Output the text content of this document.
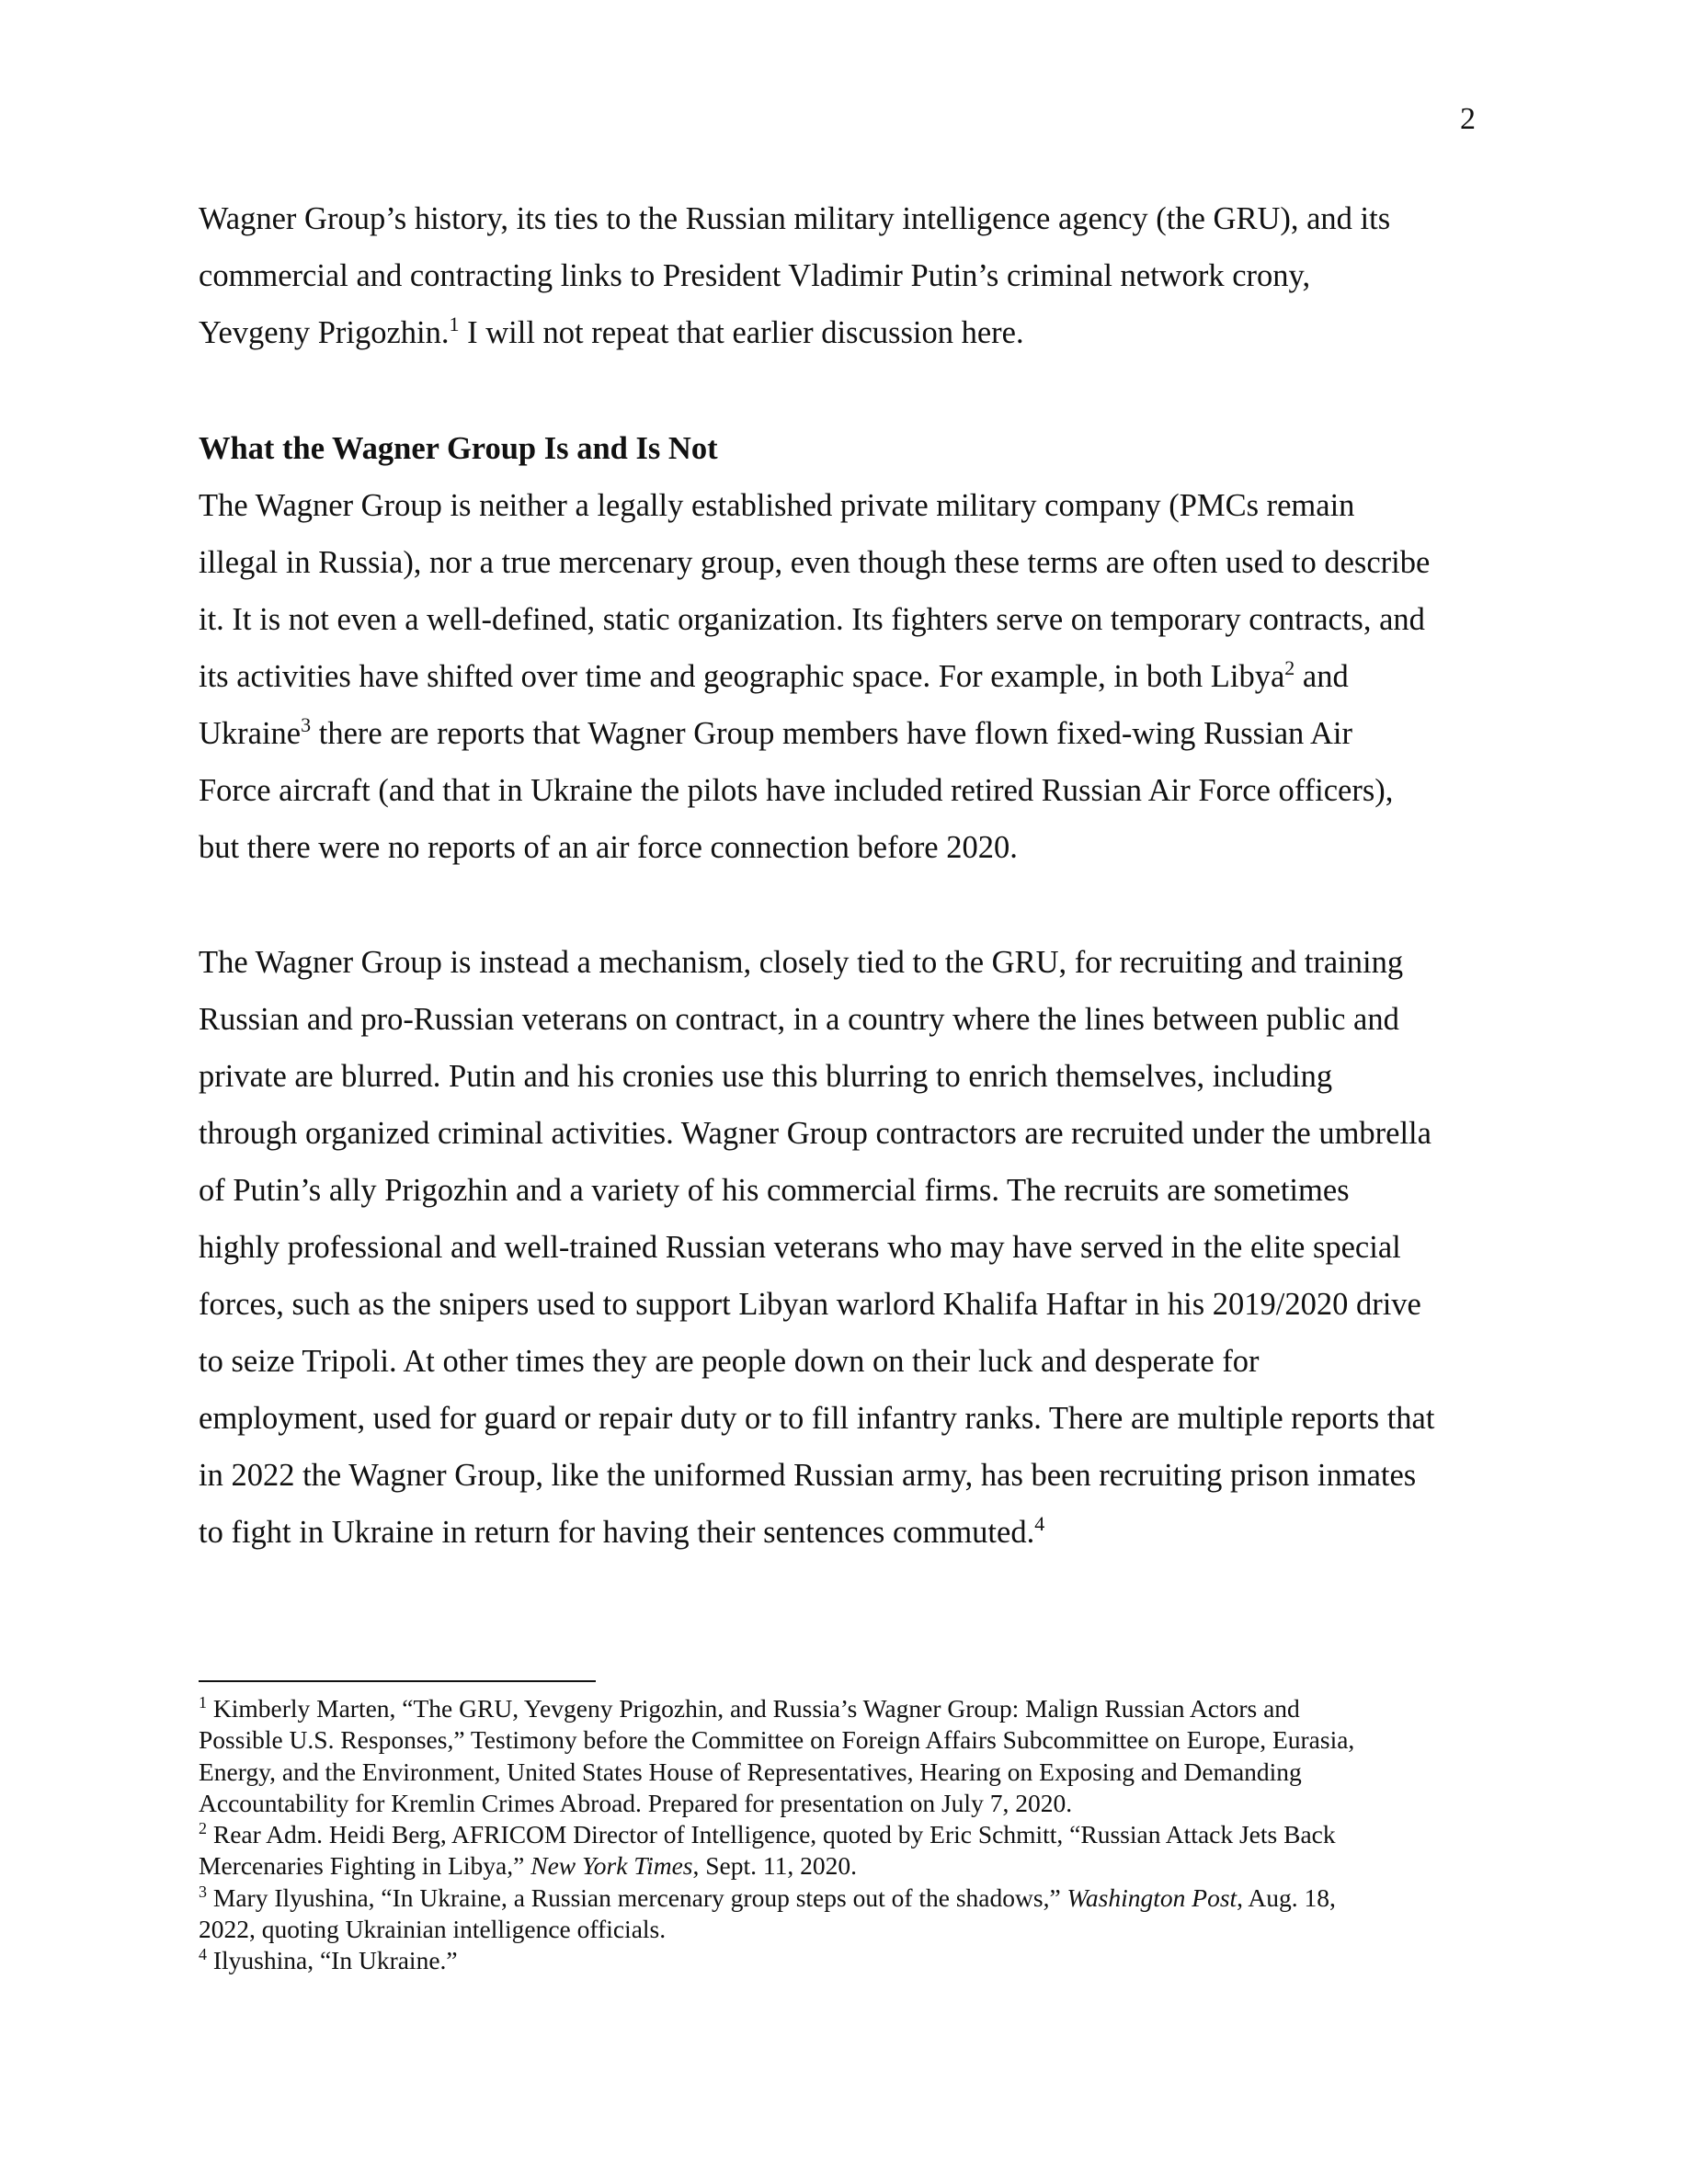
2
Wagner Group’s history, its ties to the Russian military intelligence agency (the GRU), and its
commercial and contracting links to President Vladimir Putin’s criminal network crony,
Yevgeny Prigozhin.$^1$ I will not repeat that earlier discussion here.
What the Wagner Group Is and Is Not
The Wagner Group is neither a legally established private military company (PMCs remain
illegal in Russia), nor a true mercenary group, even though these terms are often used to describe
it. It is not even a well-defined, static organization. Its fighters serve on temporary contracts, and
its activities have shifted over time and geographic space. For example, in both Libya$^2$ and
Ukraine$^3$ there are reports that Wagner Group members have flown fixed-wing Russian Air
Force aircraft (and that in Ukraine the pilots have included retired Russian Air Force officers),
but there were no reports of an air force connection before 2020.
The Wagner Group is instead a mechanism, closely tied to the GRU, for recruiting and training
Russian and pro-Russian veterans on contract, in a country where the lines between public and
private are blurred. Putin and his cronies use this blurring to enrich themselves, including
through organized criminal activities. Wagner Group contractors are recruited under the umbrella
of Putin’s ally Prigozhin and a variety of his commercial firms. The recruits are sometimes
highly professional and well-trained Russian veterans who may have served in the elite special
forces, such as the snipers used to support Libyan warlord Khalifa Haftar in his 2019/2020 drive
to seize Tripoli. At other times they are people down on their luck and desperate for
employment, used for guard or repair duty or to fill infantry ranks. There are multiple reports that
in 2022 the Wagner Group, like the uniformed Russian army, has been recruiting prison inmates
to fight in Ukraine in return for having their sentences commuted.$^4$
$^1$ Kimberly Marten, “The GRU, Yevgeny Prigozhin, and Russia’s Wagner Group: Malign Russian Actors and
Possible U.S. Responses,” Testimony before the Committee on Foreign Affairs Subcommittee on Europe, Eurasia,
Energy, and the Environment, United States House of Representatives, Hearing on Exposing and Demanding
Accountability for Kremlin Crimes Abroad. Prepared for presentation on July 7, 2020.
$^2$ Rear Adm. Heidi Berg, AFRICOM Director of Intelligence, quoted by Eric Schmitt, “Russian Attack Jets Back
Mercenaries Fighting in Libya,” New York Times, Sept. 11, 2020.
$^3$ Mary Ilyushina, “In Ukraine, a Russian mercenary group steps out of the shadows,” Washington Post, Aug. 18,
2022, quoting Ukrainian intelligence officials.
$^4$ Ilyushina, “In Ukraine.”
